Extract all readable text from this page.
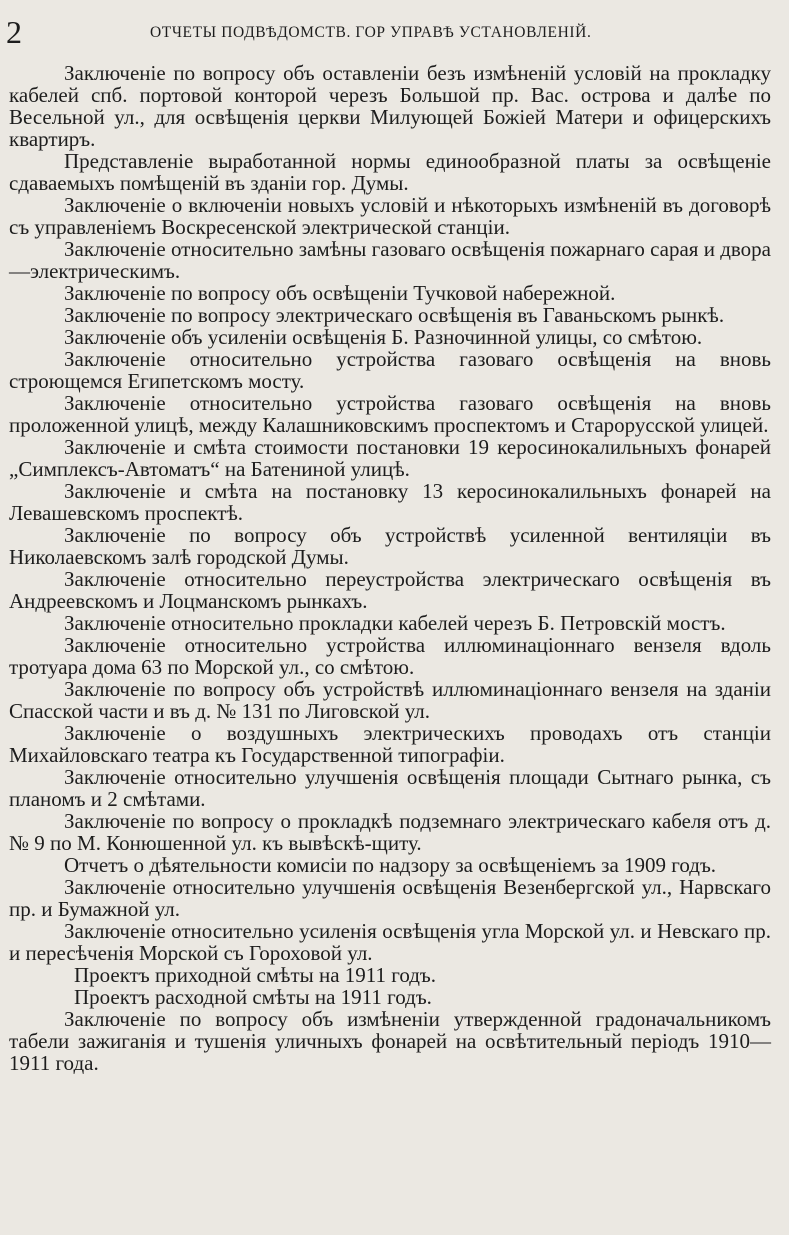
2	ОТЧЕТЫ ПОДВѢДОМСТВ. ГОР УПРАВѢ УСТАНОВЛЕНІЙ.

Заключеніе по вопросу объ оставленіи безъ измѣненій условій на прокладку кабелей спб. портовой конторой черезъ Большой пр. Вас. острова и далѣе по Весельной ул., для освѣщенія церкви Милующей Божіей Матери и офицерскихъ квартиръ.

Представленіе выработанной нормы единообразной платы за освѣщеніе сдаваемыхъ помѣщеній въ зданіи гор. Думы.

Заключеніе о включеніи новыхъ условій и нѣкоторыхъ измѣненій въ договорѣ съ управленіемъ Воскресенской электрической станціи.

Заключеніе относительно замѣны газоваго освѣщенія пожарнаго сарая и двора—электрическимъ.

Заключеніе по вопросу объ освѣщеніи Тучковой набережной.

Заключеніе по вопросу электрическаго освѣщенія въ Гаваньскомъ рынкѣ.

Заключеніе объ усиленіи освѣщенія Б. Разночинной улицы, со смѣтою.

Заключеніе относительно устройства газоваго освѣщенія на вновь строющемся Египетскомъ мосту.

Заключеніе относительно устройства газоваго освѣщенія на вновь проложенной улицѣ, между Калашниковскимъ проспектомъ и Староруcской улицей.

Заключеніе и смѣта стоимости постановки 19 керосинокалильныхъ фонарей „Симплексъ-Автоматъ“ на Батенинoй улицѣ.

Заключеніе и смѣта на постановку 13 керосинокалильныхъ фонарей на Левашевскомъ проспектѣ.

Заключеніе по вопросу объ устройствѣ усиленной вентиляціи въ Николаевскомъ залѣ городской Думы.

Заключеніе относительно переустройства электрическаго освѣщенія въ Андреевскомъ и Лоцманскомъ рынкахъ.

Заключеніе относительно прокладки кабелей черезъ Б. Петровскій мостъ.

Заключеніе относительно устройства иллюминаціоннаго вензеля вдоль тротуара дома 63 по Морской ул., со смѣтою.

Заключеніе по вопросу объ устройствѣ иллюминаціоннаго вензеля на зданіи Спасской части и въ д. № 131 по Лиговской ул.

Заключеніе о воздушныхъ электрическихъ проводахъ отъ станціи Михайловскаго театра къ Государственной типографіи.

Заключеніе относительно улучшенія освѣщенія площади Сытнаго рынка, съ планомъ и 2 смѣтами.

Заключеніе по вопросу о прокладкѣ подземнаго электрическаго кабеля отъ д. № 9 по М. Конюшенной ул. къ вывѣскѣ-щиту.

Отчетъ о дѣятельности комисіи по надзору за освѣщеніемъ за 1909 годъ.

Заключеніе относительно улучшенія освѣщенія Везенбергской ул., Нарвскаго пр. и Бумажной ул.

Заключеніе относительно усиленія освѣщенія угла Морской ул. и Невскаго пр. и пересѣченія Морской съ Гороховой ул.

Проектъ приходной смѣты на 1911 годъ.

Проектъ расходной смѣты на 1911 годъ.

Заключеніе по вопросу объ измѣненіи утвержденной градоначальникомъ табели зажиганія и тушенія уличныхъ фонарей на освѣтительный періодъ 1910—1911 года.
